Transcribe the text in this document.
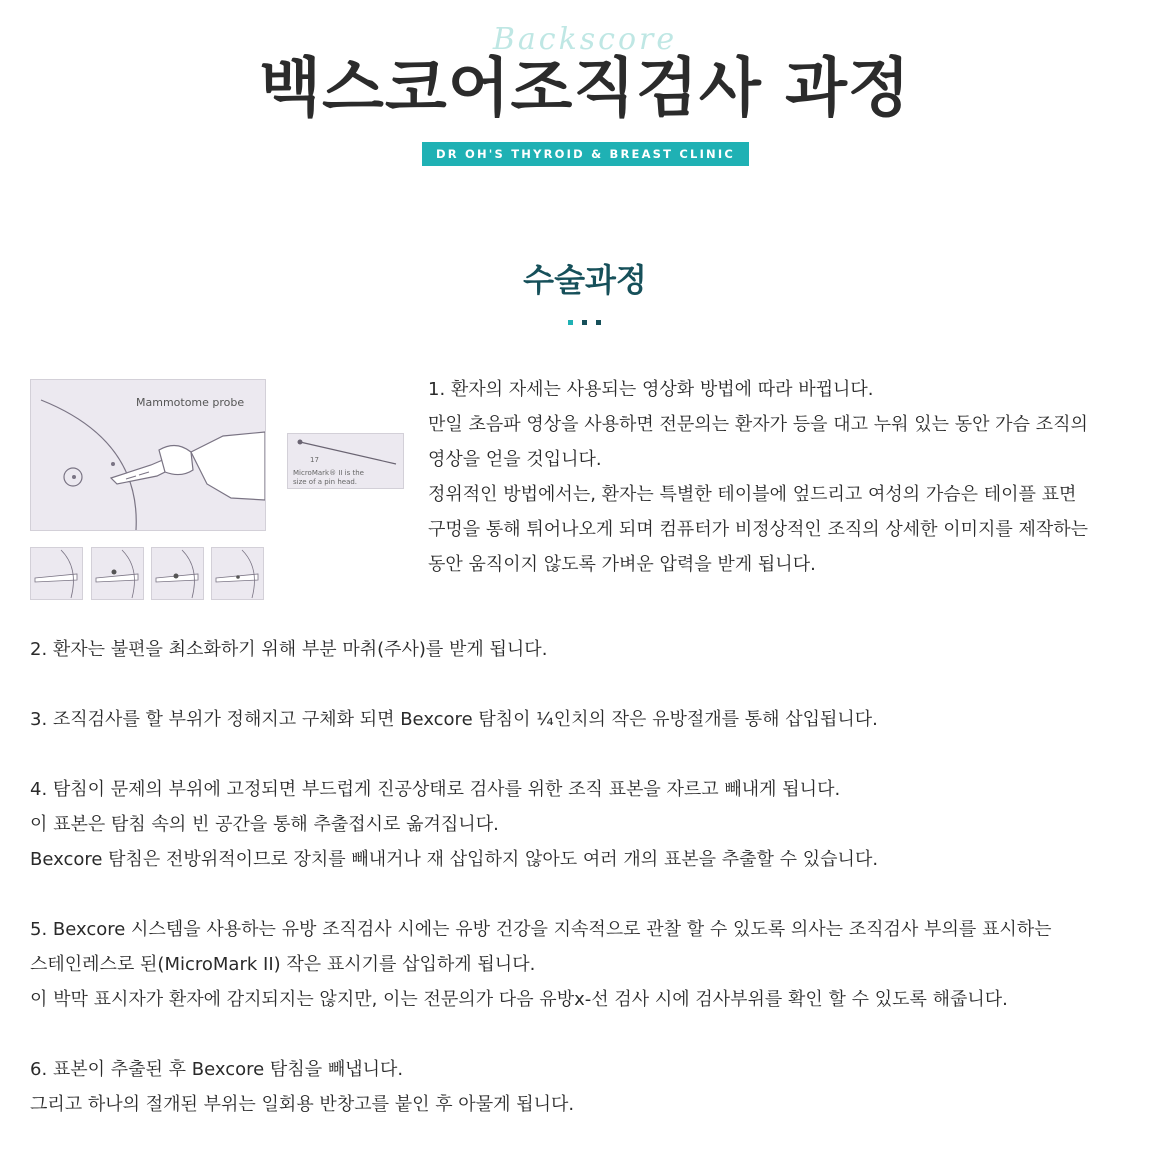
Backscore
백스코어조직검사 과정
DR OH'S THYROID & BREAST CLINIC
수술과정
Mammotome probe
17
MicroMark® II is the
size of a pin head.

1. 환자의 자세는 사용되는 영상화 방법에 따라 바뀝니다.

만일 초음파 영상을 사용하면 전문의는 환자가 등을 대고 누워 있는 동안 가슴 조직의

영상을 얻을 것입니다.

정위적인 방법에서는, 환자는 특별한 테이블에 엎드리고 여성의 가슴은 테이플 표면

구멍을 통해 튀어나오게 되며 컴퓨터가 비정상적인 조직의 상세한 이미지를 제작하는

동안 움직이지 않도록 가벼운 압력을 받게 됩니다.

2. 환자는 불편을 최소화하기 위해 부분 마취(주사)를 받게 됩니다.

3. 조직검사를 할 부위가 정해지고 구체화 되면 Bexcore 탐침이 ¼인치의 작은 유방절개를 통해 삽입됩니다.

4. 탐침이 문제의 부위에 고정되면 부드럽게 진공상태로 검사를 위한 조직 표본을 자르고 빼내게 됩니다.

이 표본은 탐침 속의 빈 공간을 통해 추출접시로 옮겨집니다.

Bexcore 탐침은 전방위적이므로 장치를 빼내거나 재 삽입하지 않아도 여러 개의 표본을 추출할 수 있습니다.

5. Bexcore 시스템을 사용하는 유방 조직검사 시에는 유방 건강을 지속적으로 관찰 할 수 있도록 의사는 조직검사 부의를 표시하는

스테인레스로 된(MicroMark II) 작은 표시기를 삽입하게 됩니다.

이 박막 표시자가 환자에 감지되지는 않지만, 이는 전문의가 다음 유방x-선 검사 시에 검사부위를 확인 할 수 있도록 해줍니다.

6. 표본이 추출된 후 Bexcore 탐침을 빼냅니다.

그리고 하나의 절개된 부위는 일회용 반창고를 붙인 후 아물게 됩니다.
